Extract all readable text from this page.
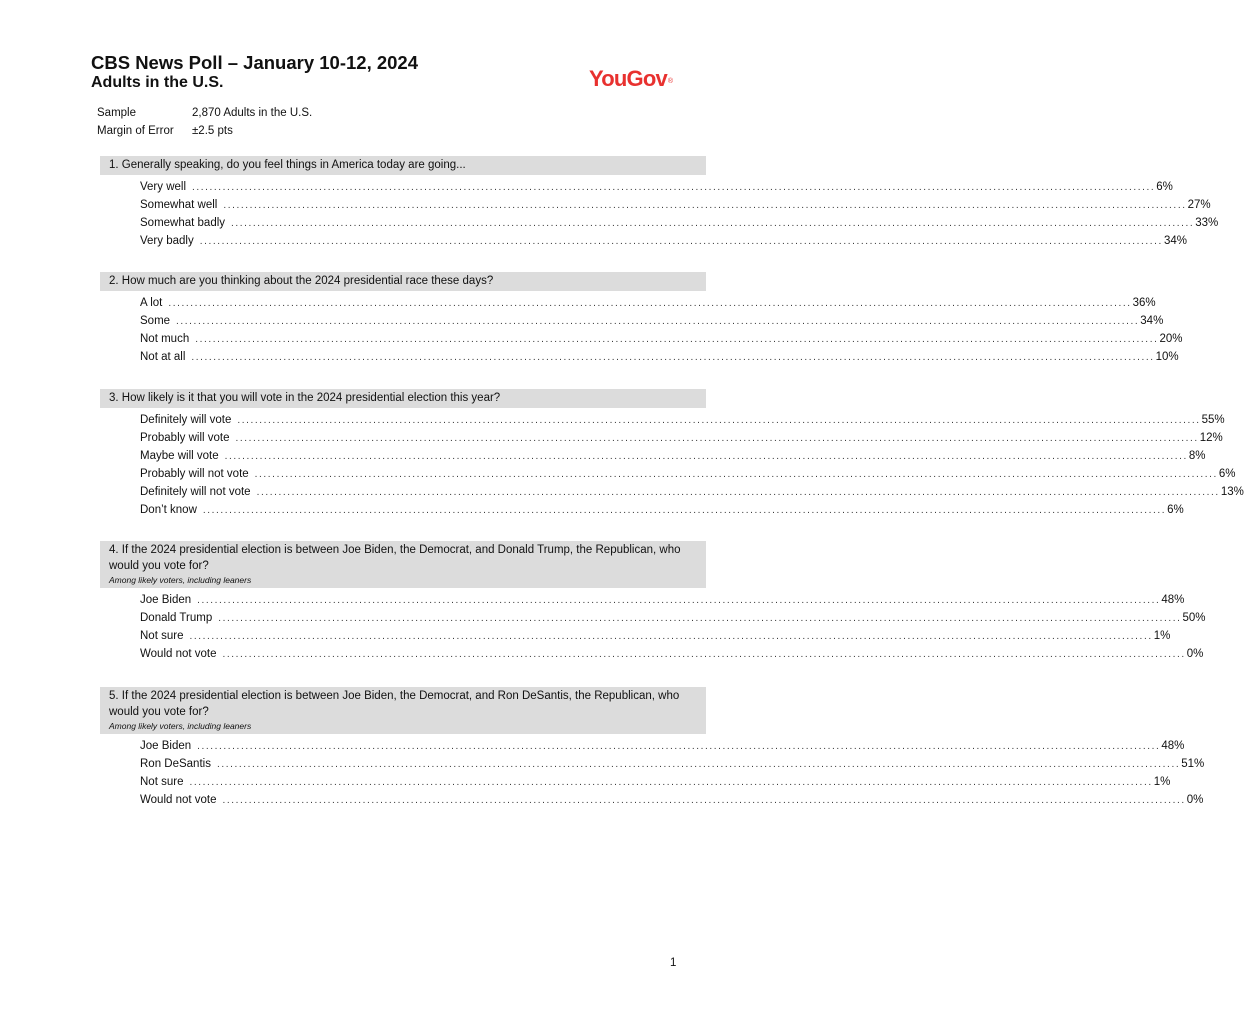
CBS News Poll – January 10-12, 2024
Adults in the U.S.	YouGov®
Sample	2,870 Adults in the U.S.
Margin of Error ±2.5 pts
1. Generally speaking, do you feel things in America today are going...
Very well ............................................................................................................................................................................................................................ 6%
Somewhat well ............................................................................................................................................................................................................................ 27%
Somewhat badly ............................................................................................................................................................................................................................ 33%
Very badly ............................................................................................................................................................................................................................ 34%
2. How much are you thinking about the 2024 presidential race these days?
A lot ............................................................................................................................................................................................................................ 36%
Some ............................................................................................................................................................................................................................ 34%
Not much ............................................................................................................................................................................................................................ 20%
Not at all ............................................................................................................................................................................................................................ 10%
3. How likely is it that you will vote in the 2024 presidential election this year?
Definitely will vote ............................................................................................................................................................................................................................ 55%
Probably will vote ............................................................................................................................................................................................................................ 12%
Maybe will vote ............................................................................................................................................................................................................................ 8%
Probably will not vote ............................................................................................................................................................................................................................ 6%
Definitely will not vote ............................................................................................................................................................................................................................ 13%
Don’t know ............................................................................................................................................................................................................................ 6%
4. If the 2024 presidential election is between Joe Biden, the Democrat, and Donald Trump, the Republican, who would you vote for?
Among likely voters, including leaners
Joe Biden ............................................................................................................................................................................................................................ 48%
Donald Trump ............................................................................................................................................................................................................................ 50%
Not sure ............................................................................................................................................................................................................................ 1%
Would not vote ............................................................................................................................................................................................................................ 0%
5. If the 2024 presidential election is between Joe Biden, the Democrat, and Ron DeSantis, the Republican, who would you vote for?
Among likely voters, including leaners
Joe Biden ............................................................................................................................................................................................................................ 48%
Ron DeSantis ............................................................................................................................................................................................................................ 51%
Not sure ............................................................................................................................................................................................................................ 1%
Would not vote ............................................................................................................................................................................................................................ 0%
1
